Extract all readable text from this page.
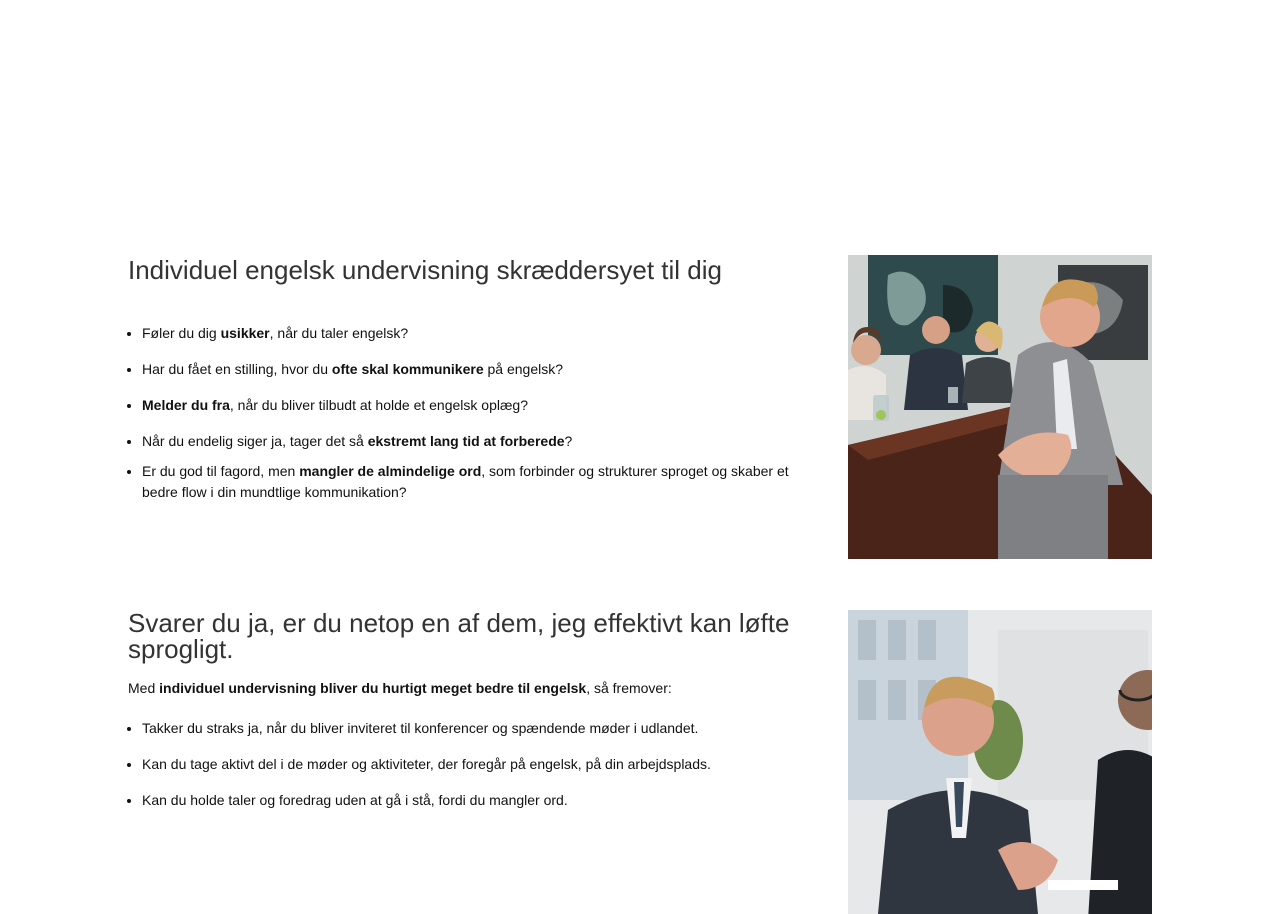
Individuel engelsk undervisning skræddersyet til dig
• Føler du dig usikker, når du taler engelsk?
• Har du fået en stilling, hvor du ofte skal kommunikere på engelsk?
• Melder du fra, når du bliver tilbudt at holde et engelsk oplæg?
• Når du endelig siger ja, tager det så ekstremt lang tid at forberede?
• Er du god til fagord, men mangler de almindelige ord, som forbinder og strukturer sproget og skaber et bedre flow i din mundtlige kommunikation?
Svarer du ja, er du netop en af dem, jeg effektivt kan løfte sprogligt.

Med individuel undervisning bliver du hurtigt meget bedre til engelsk, så fremover:

• Takker du straks ja, når du bliver inviteret til konferencer og spændende møder i udlandet.
• Kan du tage aktivt del i de møder og aktiviteter, der foregår på engelsk, på din arbejdsplads.
• Kan du holde taler og foredrag uden at gå i stå, fordi du mangler ord.
